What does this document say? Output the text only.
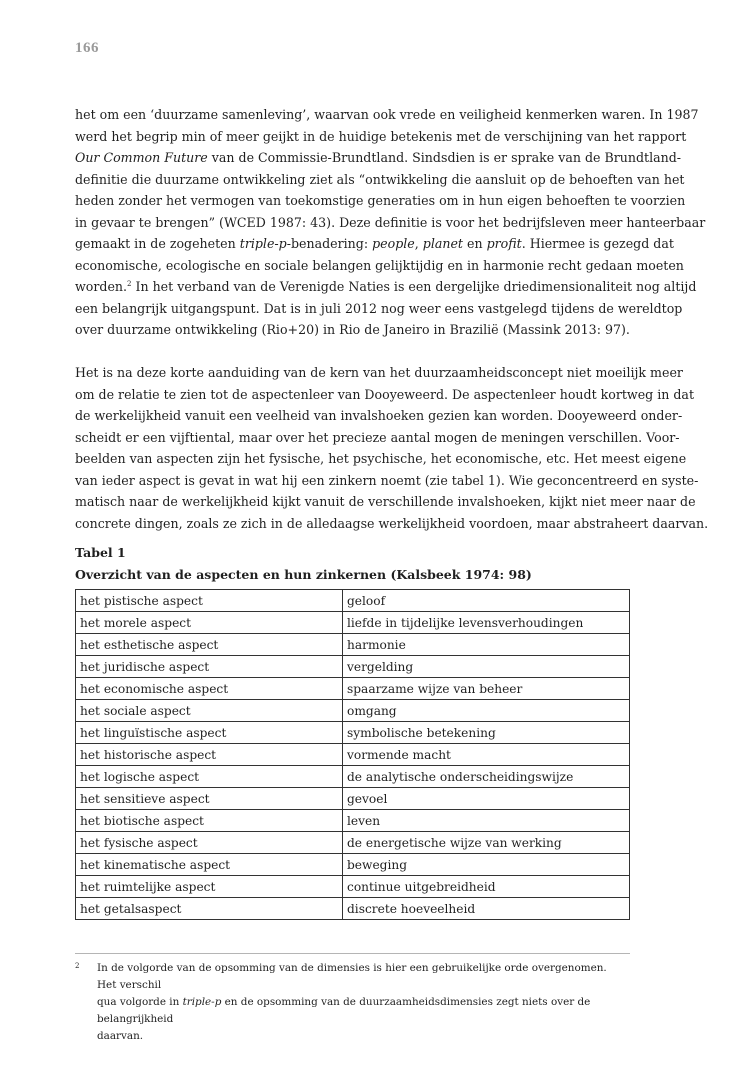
166
het om een ‘duurzame samenleving’, waarvan ook vrede en veiligheid kenmerken waren. In 1987
werd het begrip min of meer geijkt in de huidige betekenis met de verschijning van het rapport
Our Common Future van de Commissie-Brundtland. Sindsdien is er sprake van de Brundtland-
definitie die duurzame ontwikkeling ziet als “ontwikkeling die aansluit op de behoeften van het
heden zonder het vermogen van toekomstige generaties om in hun eigen behoeften te voorzien
in gevaar te brengen” (WCED 1987: 43). Deze definitie is voor het bedrijfsleven meer hanteerbaar
gemaakt in de zogeheten triple-p-benadering: people, planet en profit. Hiermee is gezegd dat
economische, ecologische en sociale belangen gelijktijdig en in harmonie recht gedaan moeten
worden.$^2$ In het verband van de Verenigde Naties is een dergelijke driedimensionaliteit nog altijd
een belangrijk uitgangspunt. Dat is in juli 2012 nog weer eens vastgelegd tijdens de wereldtop
over duurzame ontwikkeling (Rio+20) in Rio de Janeiro in Brazilië (Massink 2013: 97).
Het is na deze korte aanduiding van de kern van het duurzaamheidsconcept niet moeilijk meer
om de relatie te zien tot de aspectenleer van Dooyeweerd. De aspectenleer houdt kortweg in dat
de werkelijkheid vanuit een veelheid van invalshoeken gezien kan worden. Dooyeweerd onder-
scheidt er een vijftiental, maar over het precieze aantal mogen de meningen verschillen. Voor-
beelden van aspecten zijn het fysische, het psychische, het economische, etc. Het meest eigene
van ieder aspect is gevat in wat hij een zinkern noemt (zie tabel 1). Wie geconcentreerd en syste-
matisch naar de werkelijkheid kijkt vanuit de verschillende invalshoeken, kijkt niet meer naar de
concrete dingen, zoals ze zich in de alledaagse werkelijkheid voordoen, maar abstraheert daarvan.
Tabel 1
Overzicht van de aspecten en hun zinkernen (Kalsbeek 1974: 98)
het pistische aspect	geloof
het morele aspect	liefde in tijdelijke levensverhoudingen
het esthetische aspect	harmonie
het juridische aspect	vergelding
het economische aspect	spaarzame wijze van beheer
het sociale aspect	omgang
het linguïstische aspect	symbolische betekening
het historische aspect	vormende macht
het logische aspect	de analytische onderscheidingswijze
het sensitieve aspect	gevoel
het biotische aspect	leven
het fysische aspect	de energetische wijze van werking
het kinematische aspect	beweging
het ruimtelijke aspect	continue uitgebreidheid
het getalsaspect	discrete hoeveelheid
2 In de volgorde van de opsomming van de dimensies is hier een gebruikelijke orde overgenomen. Het verschil
qua volgorde in triple-p en de opsomming van de duurzaamheidsdimensies zegt niets over de belangrijkheid
daarvan.
